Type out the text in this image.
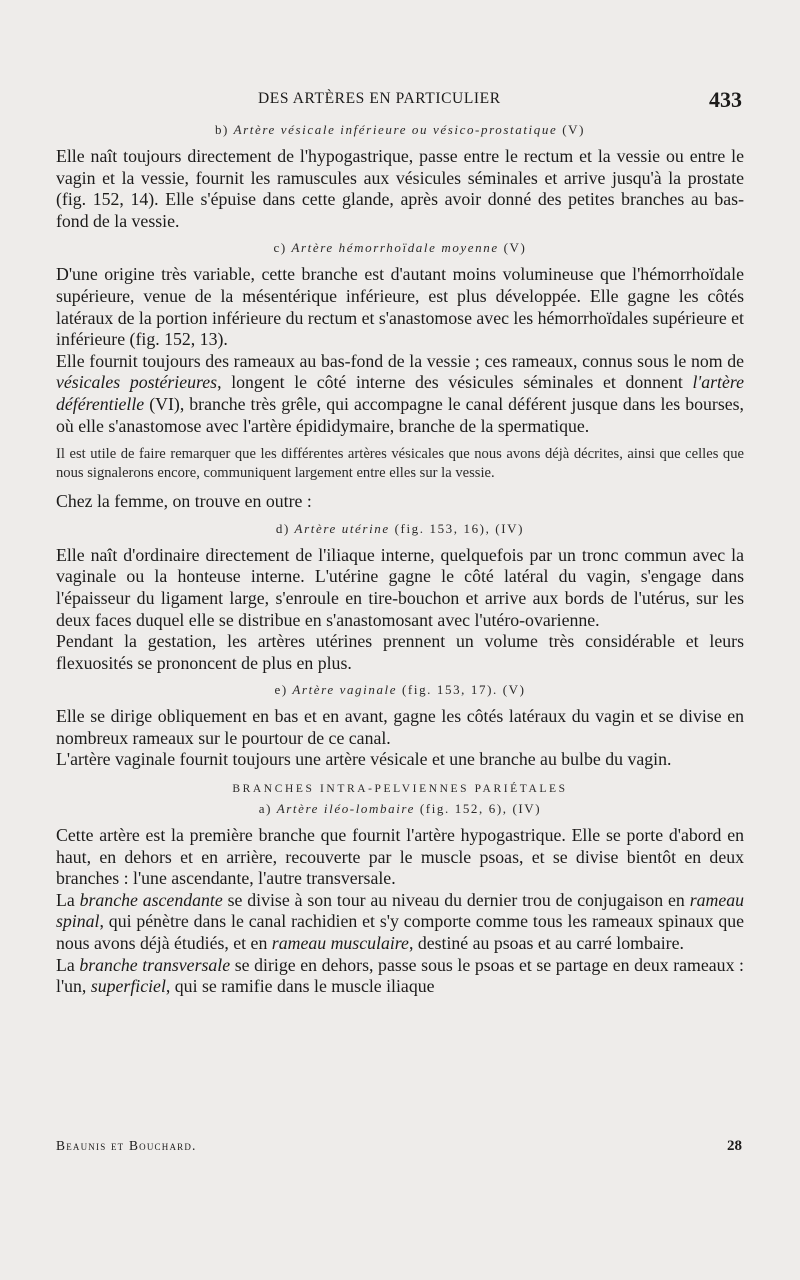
DES ARTÈRES EN PARTICULIER	433
b) Artère vésicale inférieure ou vésico-prostatique (V)

Elle naît toujours directement de l'hypogastrique, passe entre le rectum et la vessie ou entre le vagin et la vessie, fournit les ramuscules aux vésicules séminales et arrive jusqu'à la prostate (fig. 152, 14). Elle s'épuise dans cette glande, après avoir donné des petites branches au bas-fond de la vessie.

c) Artère hémorrhoïdale moyenne (V)

D'une origine très variable, cette branche est d'autant moins volumineuse que l'hémorrhoïdale supérieure, venue de la mésentérique inférieure, est plus développée. Elle gagne les côtés latéraux de la portion inférieure du rectum et s'anastomose avec les hémorrhoïdales supérieure et inférieure (fig. 152, 13).

Elle fournit toujours des rameaux au bas-fond de la vessie ; ces rameaux, connus sous le nom de vésicales postérieures, longent le côté interne des vésicules séminales et donnent l'artère déférentielle (VI), branche très grêle, qui accompagne le canal déférent jusque dans les bourses, où elle s'anastomose avec l'artère épididymaire, branche de la spermatique.

Il est utile de faire remarquer que les différentes artères vésicales que nous avons déjà décrites, ainsi que celles que nous signalerons encore, communiquent largement entre elles sur la vessie.

Chez la femme, on trouve en outre :

d) Artère utérine (fig. 153, 16), (IV)

Elle naît d'ordinaire directement de l'iliaque interne, quelquefois par un tronc commun avec la vaginale ou la honteuse interne. L'utérine gagne le côté latéral du vagin, s'engage dans l'épaisseur du ligament large, s'enroule en tire-bouchon et arrive aux bords de l'utérus, sur les deux faces duquel elle se distribue en s'anastomosant avec l'utéro-ovarienne.

Pendant la gestation, les artères utérines prennent un volume très considérable et leurs flexuosités se prononcent de plus en plus.

e) Artère vaginale (fig. 153, 17). (V)

Elle se dirige obliquement en bas et en avant, gagne les côtés latéraux du vagin et se divise en nombreux rameaux sur le pourtour de ce canal.

L'artère vaginale fournit toujours une artère vésicale et une branche au bulbe du vagin.

BRANCHES INTRA-PELVIENNES PARIÉTALES
a) Artère iléo-lombaire (fig. 152, 6), (IV)

Cette artère est la première branche que fournit l'artère hypogastrique. Elle se porte d'abord en haut, en dehors et en arrière, recouverte par le muscle psoas, et se divise bientôt en deux branches : l'une ascendante, l'autre transversale.

La branche ascendante se divise à son tour au niveau du dernier trou de conjugaison en rameau spinal, qui pénètre dans le canal rachidien et s'y comporte comme tous les rameaux spinaux que nous avons déjà étudiés, et en rameau musculaire, destiné au psoas et au carré lombaire.

La branche transversale se dirige en dehors, passe sous le psoas et se partage en deux rameaux : l'un, superficiel, qui se ramifie dans le muscle iliaque

Beaunis et Bouchard.	28
